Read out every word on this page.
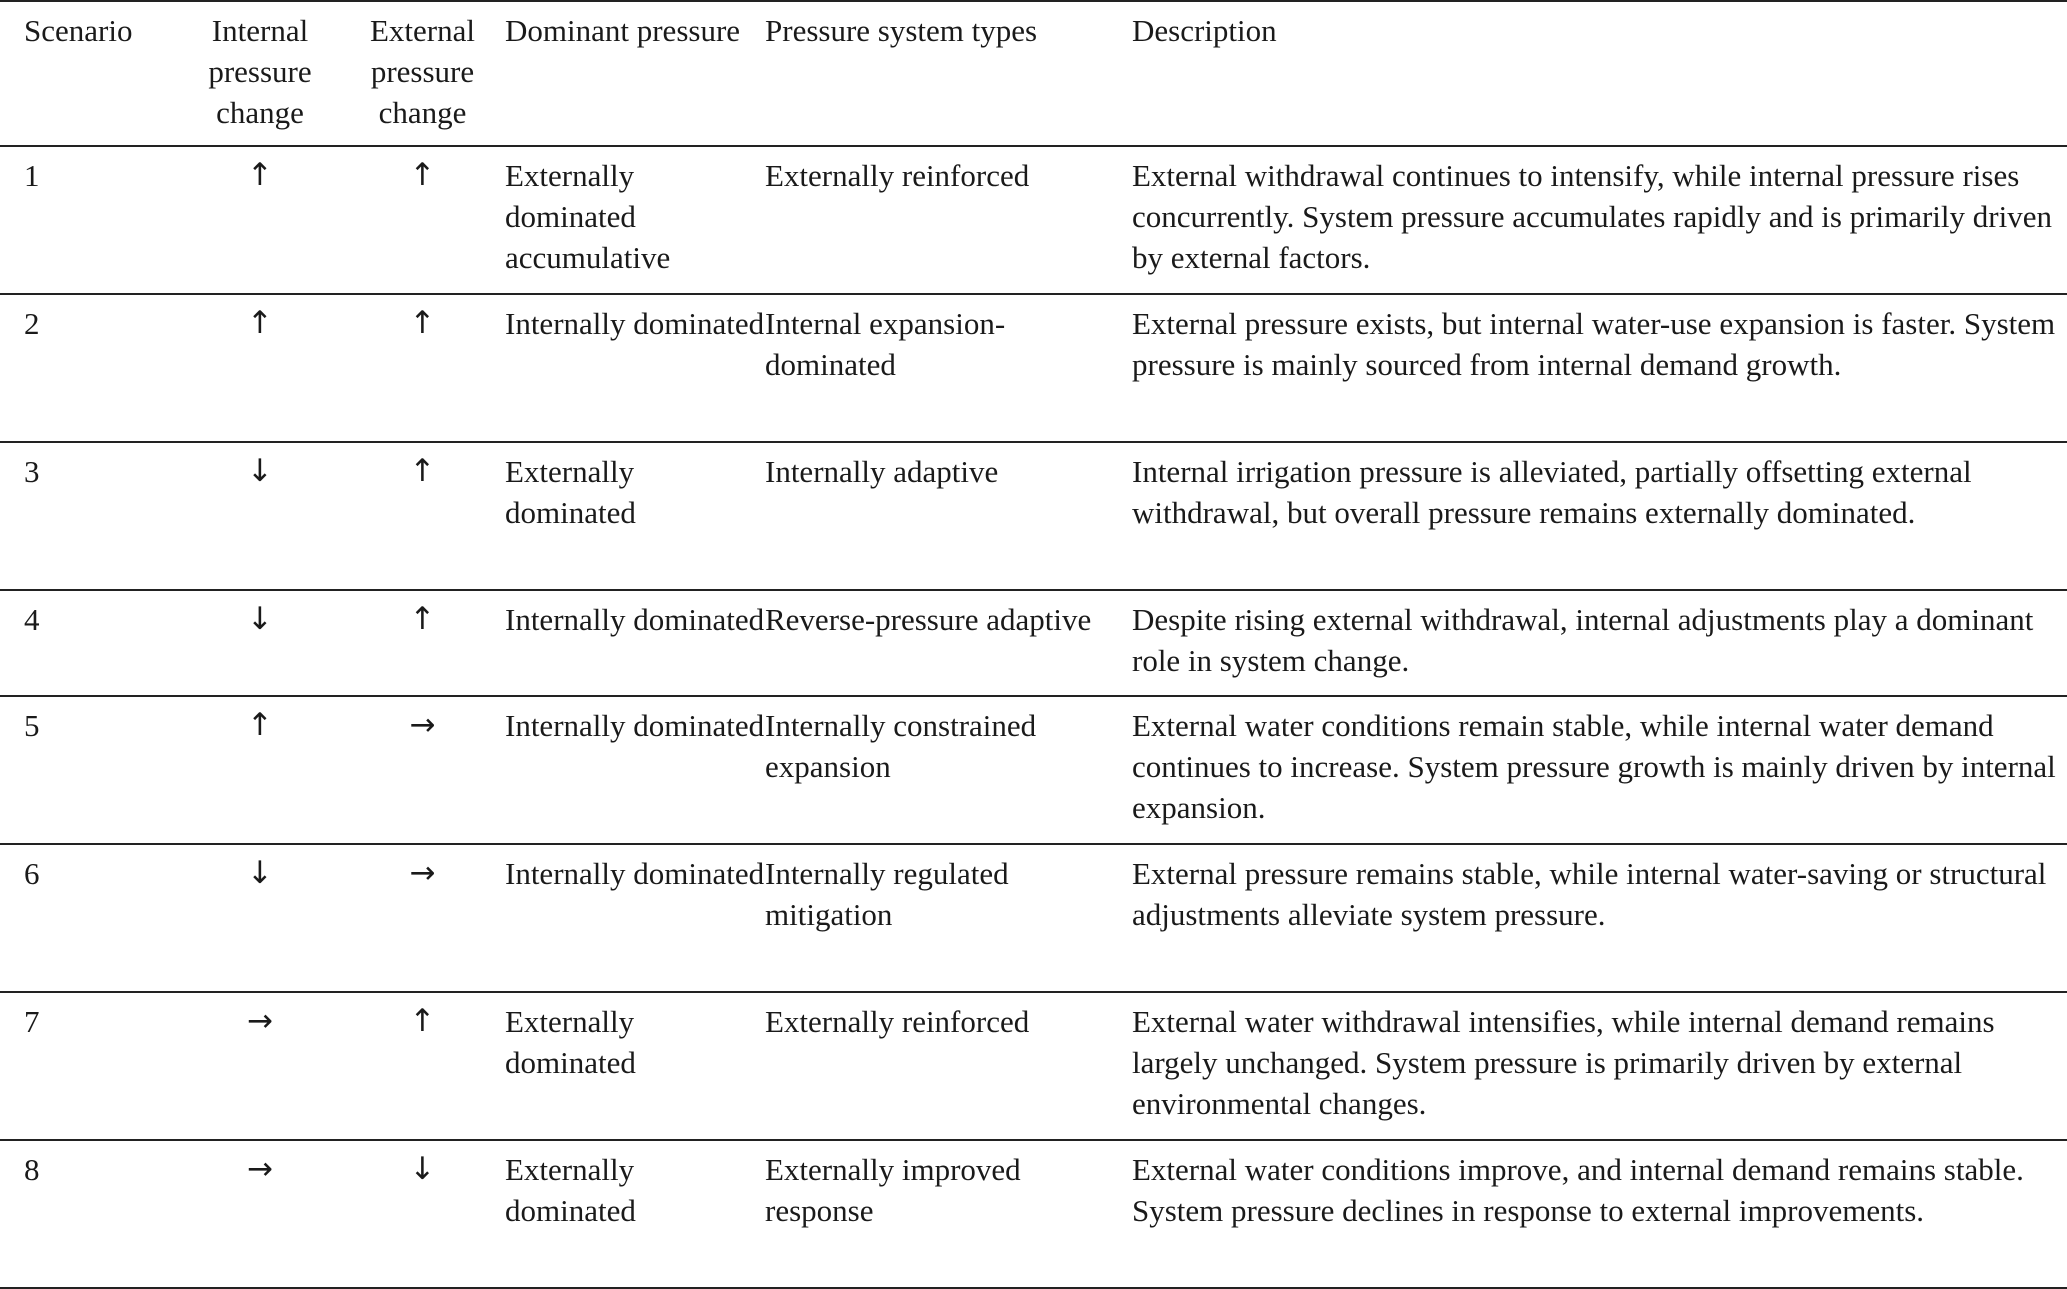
Scenario	Internal pressure change	External pressure change	Dominant pressure	Pressure system types	Description
1	↑	↑	Externally dominated accumulative	Externally reinforced	External withdrawal continues to intensify, while internal pressure rises concurrently. System pressure accumulates rapidly and is primarily driven by external factors.
2	↑	↑	Internally dominated	Internal expansion-dominated	External pressure exists, but internal water-use expansion is faster. System pressure is mainly sourced from internal demand growth.
3	↓	↑	Externally dominated	Internally adaptive	Internal irrigation pressure is alleviated, partially offsetting external withdrawal, but overall pressure remains externally dominated.
4	↓	↑	Internally dominated	Reverse-pressure adaptive	Despite rising external withdrawal, internal adjustments play a dominant role in system change.
5	↑	→	Internally dominated	Internally constrained expansion	External water conditions remain stable, while internal water demand continues to increase. System pressure growth is mainly driven by internal expansion.
6	↓	→	Internally dominated	Internally regulated mitigation	External pressure remains stable, while internal water-saving or structural adjustments alleviate system pressure.
7	→	↑	Externally dominated	Externally reinforced	External water withdrawal intensifies, while internal demand remains largely unchanged. System pressure is primarily driven by external environmental changes.
8	→	↓	Externally dominated	Externally improved response	External water conditions improve, and internal demand remains stable. System pressure declines in response to external improvements.
